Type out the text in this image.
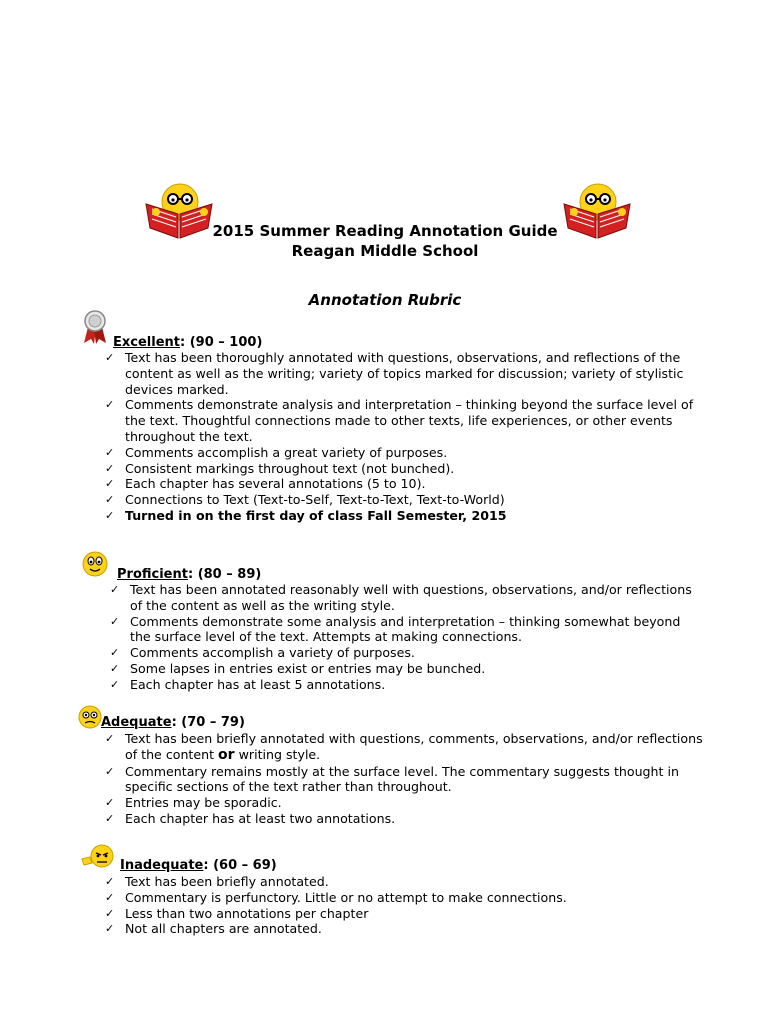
2015 Summer Reading Annotation Guide
Reagan Middle School
Annotation Rubric
Excellent: (90 – 100)
✓ Text has been thoroughly annotated with questions, observations, and reflections of the content as well as the writing; variety of topics marked for discussion; variety of stylistic devices marked.
✓ Comments demonstrate analysis and interpretation – thinking beyond the surface level of the text. Thoughtful connections made to other texts, life experiences, or other events throughout the text.
✓ Comments accomplish a great variety of purposes.
✓ Consistent markings throughout text (not bunched).
✓ Each chapter has several annotations (5 to 10).
✓ Connections to Text (Text-to-Self, Text-to-Text, Text-to-World)
✓ Turned in on the first day of class Fall Semester, 2015
Proficient: (80 – 89)
✓ Text has been annotated reasonably well with questions, observations, and/or reflections of the content as well as the writing style.
✓ Comments demonstrate some analysis and interpretation – thinking somewhat beyond the surface level of the text. Attempts at making connections.
✓ Comments accomplish a variety of purposes.
✓ Some lapses in entries exist or entries may be bunched.
✓ Each chapter has at least 5 annotations.
Adequate: (70 – 79)
✓ Text has been briefly annotated with questions, comments, observations, and/or reflections of the content or writing style.
✓ Commentary remains mostly at the surface level. The commentary suggests thought in specific sections of the text rather than throughout.
✓ Entries may be sporadic.
✓ Each chapter has at least two annotations.
Inadequate: (60 – 69)
✓ Text has been briefly annotated.
✓ Commentary is perfunctory. Little or no attempt to make connections.
✓ Less than two annotations per chapter
✓ Not all chapters are annotated.
